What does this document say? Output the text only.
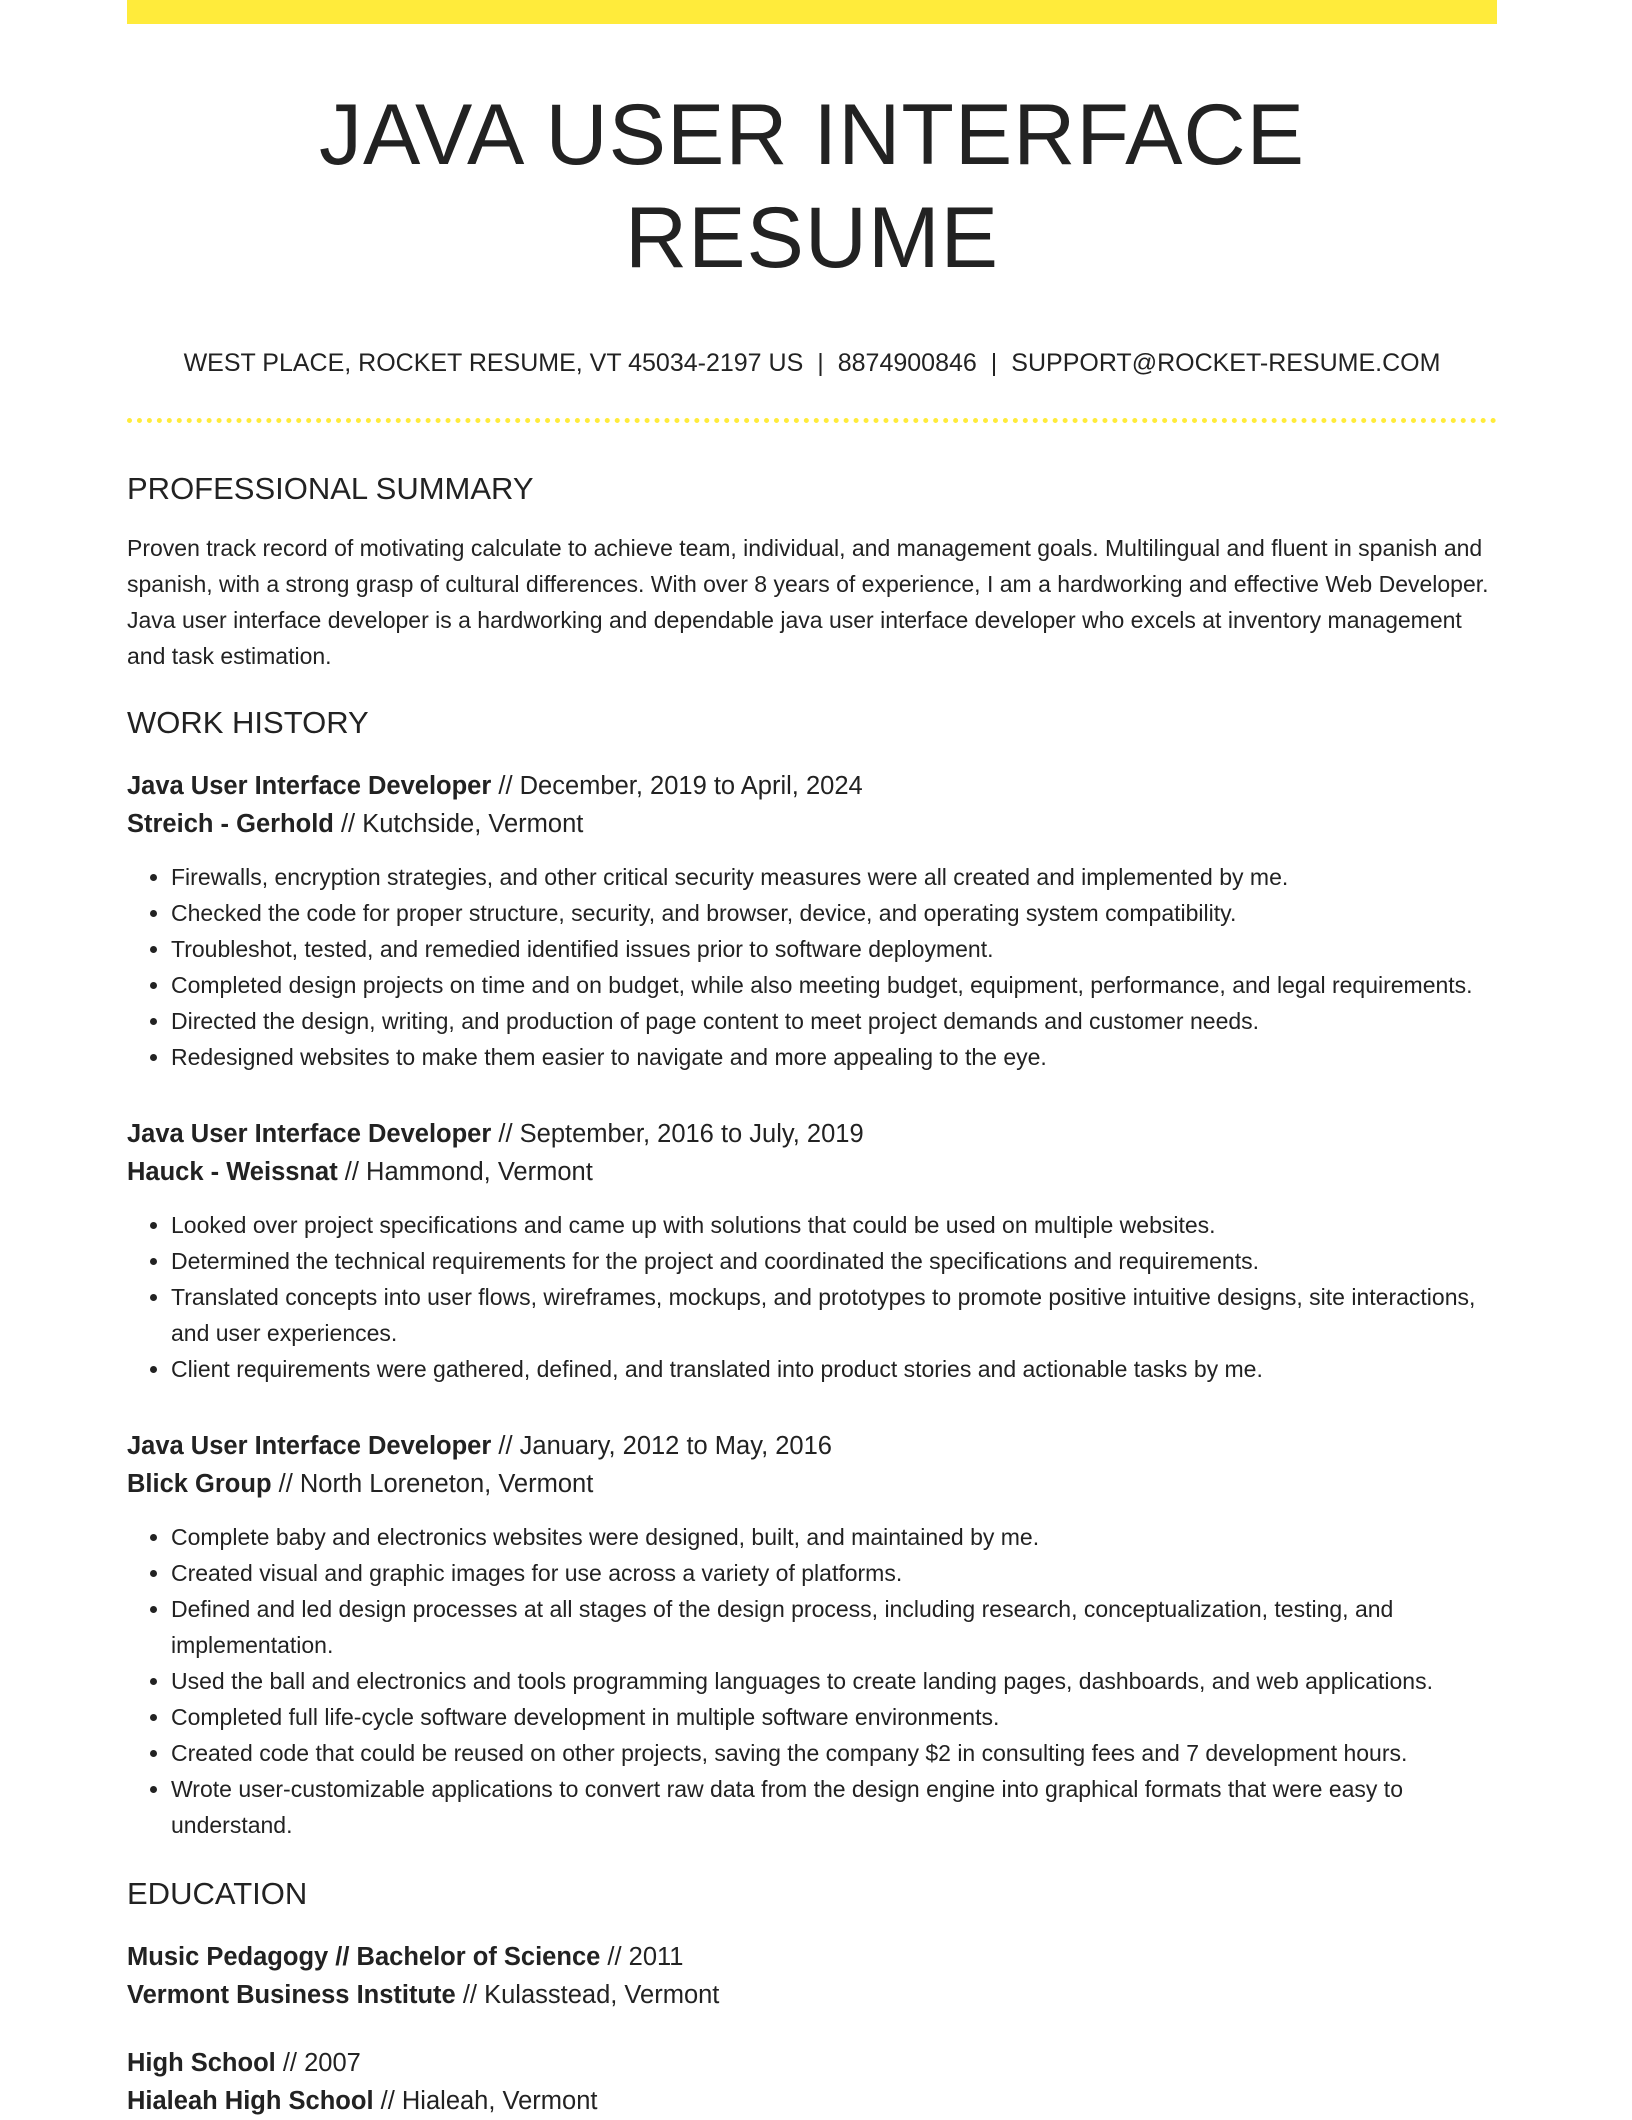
JAVA USER INTERFACE RESUME
WEST PLACE, ROCKET RESUME, VT 45034-2197 US | 8874900846 | SUPPORT@ROCKET-RESUME.COM
PROFESSIONAL SUMMARY

Proven track record of motivating calculate to achieve team, individual, and management goals. Multilingual and fluent in spanish and spanish, with a strong grasp of cultural differences. With over 8 years of experience, I am a hardworking and effective Web Developer. Java user interface developer is a hardworking and dependable java user interface developer who excels at inventory management and task estimation.

WORK HISTORY
Java User Interface Developer // December, 2019 to April, 2024
Streich - Gerhold // Kutchside, Vermont
• Firewalls, encryption strategies, and other critical security measures were all created and implemented by me.
• Checked the code for proper structure, security, and browser, device, and operating system compatibility.
• Troubleshot, tested, and remedied identified issues prior to software deployment.
• Completed design projects on time and on budget, while also meeting budget, equipment, performance, and legal requirements.
• Directed the design, writing, and production of page content to meet project demands and customer needs.
• Redesigned websites to make them easier to navigate and more appealing to the eye.
Java User Interface Developer // September, 2016 to July, 2019
Hauck - Weissnat // Hammond, Vermont
• Looked over project specifications and came up with solutions that could be used on multiple websites.
• Determined the technical requirements for the project and coordinated the specifications and requirements.
• Translated concepts into user flows, wireframes, mockups, and prototypes to promote positive intuitive designs, site interactions, and user experiences.
• Client requirements were gathered, defined, and translated into product stories and actionable tasks by me.
Java User Interface Developer // January, 2012 to May, 2016
Blick Group // North Loreneton, Vermont
• Complete baby and electronics websites were designed, built, and maintained by me.
• Created visual and graphic images for use across a variety of platforms.
• Defined and led design processes at all stages of the design process, including research, conceptualization, testing, and implementation.
• Used the ball and electronics and tools programming languages to create landing pages, dashboards, and web applications.
• Completed full life-cycle software development in multiple software environments.
• Created code that could be reused on other projects, saving the company $2 in consulting fees and 7 development hours.
• Wrote user-customizable applications to convert raw data from the design engine into graphical formats that were easy to understand.
EDUCATION
Music Pedagogy // Bachelor of Science // 2011
Vermont Business Institute // Kulasstead, Vermont
High School // 2007
Hialeah High School // Hialeah, Vermont
